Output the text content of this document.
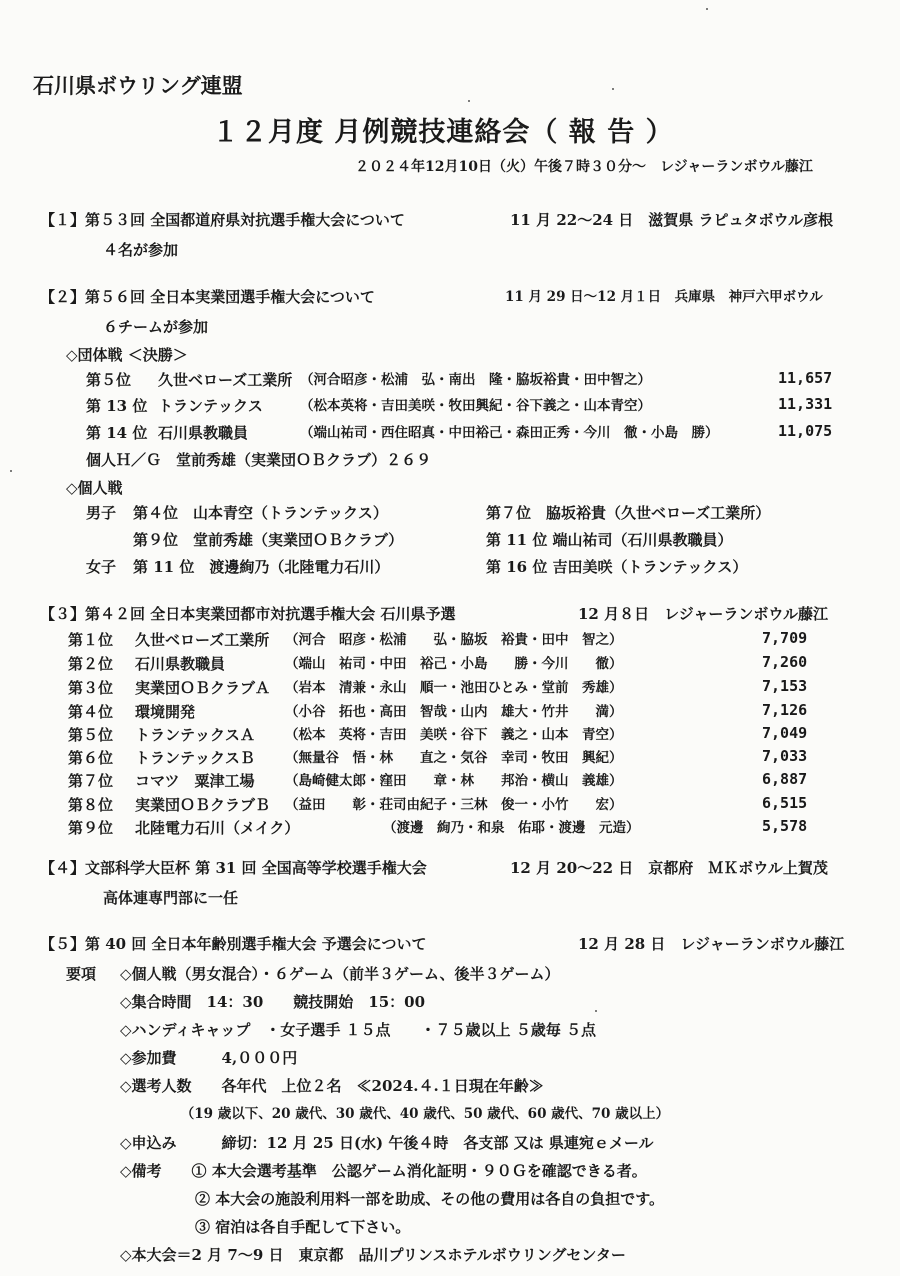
石川県ボウリング連盟
１２月度 月例競技連絡会（ 報 告 ）
２０２４年12月10日（火）午後７時３０分～　レジャーランボウル藤江
【１】第５３回 全国都道府県対抗選手権大会について	11 月 22～24 日　滋賀県 ラピュタボウル彦根
４名が参加
【２】第５６回 全日本実業団選手権大会について	11 月 29 日～12 月１日　兵庫県　神戸六甲ボウル
６チームが参加
◇団体戦 ＜決勝＞
第５位 久世ベローズ工業所 （河合昭彦・松浦　弘・南出　隆・脇坂裕貴・田中智之）	11,657
第 13 位 トランテックス	（松本英将・吉田美咲・牧田興紀・谷下義之・山本青空）	11,331
第 14 位 石川県教職員	（端山祐司・西住昭真・中田裕己・森田正秀・今川　徹・小島　勝）	11,075
個人Ｈ／Ｇ　堂前秀雄（実業団ＯＢクラブ）２６９
◇個人戦
男子 第４位　山本青空（トランテックス）	第７位　脇坂裕貴（久世ベローズ工業所）
第９位　堂前秀雄（実業団ＯＢクラブ）	第 11 位 端山祐司（石川県教職員）
女子 第 11 位　渡邊絢乃（北陸電力石川）	第 16 位 吉田美咲（トランテックス）
【３】第４２回 全日本実業団都市対抗選手権大会 石川県予選	12 月８日　レジャーランボウル藤江
第１位 久世ベローズ工業所 （河合　昭彦・松浦　　弘・脇坂　裕貴・田中　智之）	7,709
第２位 石川県教職員	（端山　祐司・中田　裕己・小島　　勝・今川　　徹）	7,260
第３位 実業団ＯＢクラブＡ （岩本　清兼・永山　順一・池田ひとみ・堂前　秀雄）	7,153
第４位 環境開発	（小谷　拓也・高田　智哉・山内　雄大・竹井　　満）	7,126
第５位 トランテックスＡ （松本　英将・吉田　美咲・谷下　義之・山本　青空）	7,049
第６位 トランテックスＢ （無量谷　悟・林　　直之・気谷　幸司・牧田　興紀）	7,033
第７位 コマツ　粟津工場 （島崎健太郎・窪田　　章・林　　邦治・横山　義雄）	6,887
第８位 実業団ＯＢクラブＢ （益田　　彰・荘司由紀子・三林　俊一・小竹　　宏）	6,515
第９位 北陸電力石川（メイク）	（渡邊　絢乃・和泉　佑耶・渡邊　元造）	5,578
【４】文部科学大臣杯 第 31 回 全国高等学校選手権大会	12 月 20～22 日　京都府　ＭＫボウル上賀茂
高体連専門部に一任
【５】第 40 回 全日本年齢別選手権大会 予選会について	12 月 28 日　レジャーランボウル藤江
要項 ◇個人戦（男女混合）・６ゲーム（前半３ゲーム、後半３ゲーム）
◇集合時間　14：30　　競技開始　15：00
◇ハンディキャップ　・女子選手 １５点　　・７５歳以上 ５歳毎 ５点
◇参加費　　　4,０００円
◇選考人数　　各年代　上位２名　≪2024.４.１日現在年齢≫
　　　　　（19 歳以下、20 歳代、30 歳代、40 歳代、50 歳代、60 歳代、70 歳以上）
◇申込み　　　締切：12 月 25 日(水) 午後４時　各支部 又は 県連宛ｅメール
◇備考　　① 本大会選考基準　公認ゲーム消化証明・９０Ｇを確認できる者。
　　　　　② 本大会の施設利用料一部を助成、その他の費用は各自の負担です。
　　　　　③ 宿泊は各自手配して下さい。
◇本大会＝2 月 7～9 日　東京都　品川プリンスホテルボウリングセンター
